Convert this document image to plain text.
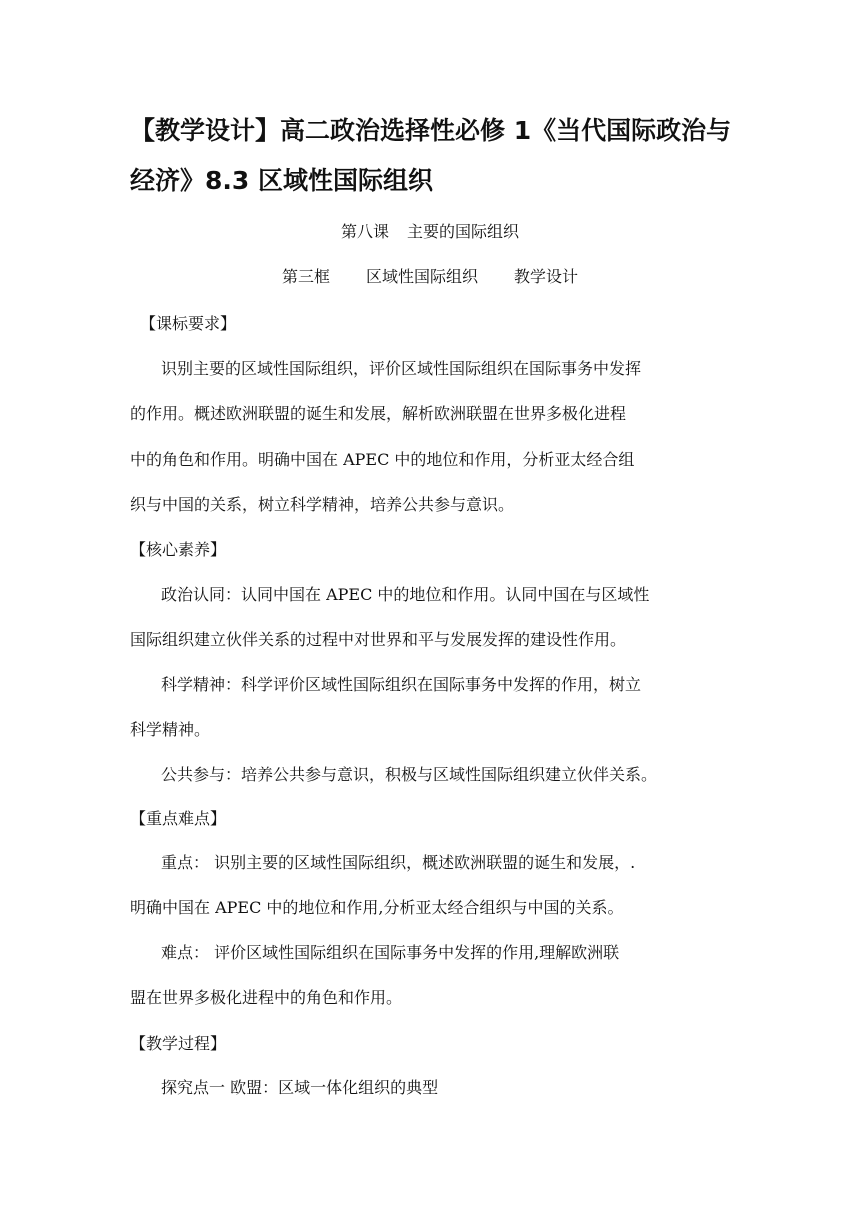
【教学设计】高二政治选择性必修 1《当代国际政治与
经济》8.3 区域性国际组织

第八课 主要的国际组织

第三框 区域性国际组织 教学设计

【课标要求】

识别主要的区域性国际组织，评价区域性国际组织在国际事务中发挥

的作用。概述欧洲联盟的诞生和发展，解析欧洲联盟在世界多极化进程

中的角色和作用。明确中国在 APEC 中的地位和作用，分析亚太经合组

织与中国的关系，树立科学精神，培养公共参与意识。

【核心素养】

政治认同：认同中国在 APEC 中的地位和作用。认同中国在与区域性

国际组织建立伙伴关系的过程中对世界和平与发展发挥的建设性作用。

科学精神：科学评价区域性国际组织在国际事务中发挥的作用，树立

科学精神。

公共参与：培养公共参与意识，积极与区域性国际组织建立伙伴关系。

【重点难点】

重点： 识别主要的区域性国际组织，概述欧洲联盟的诞生和发展，.

明确中国在 APEC 中的地位和作用,分析亚太经合组织与中国的关系。

难点： 评价区域性国际组织在国际事务中发挥的作用,理解欧洲联

盟在世界多极化进程中的角色和作用。

【教学过程】

探究点一 欧盟：区域一体化组织的典型
